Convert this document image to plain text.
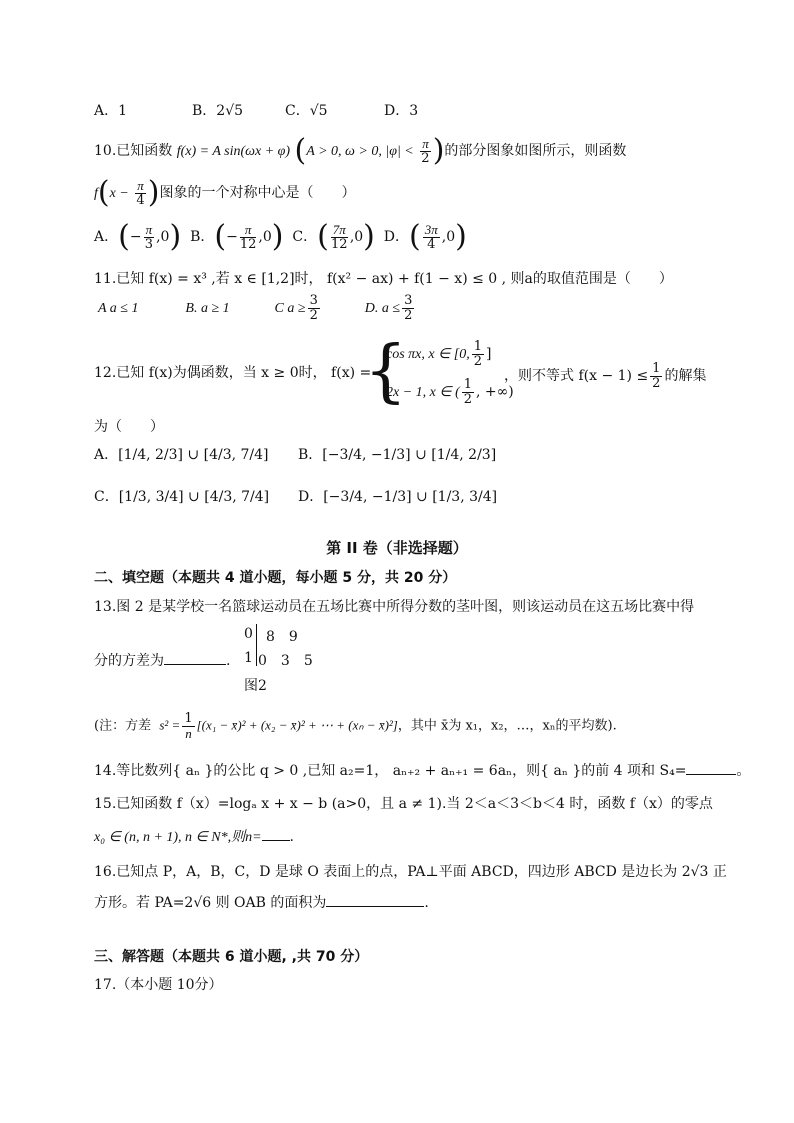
A．1	B．2√5	C．√5	D．3
10.已知函数 f(x) = A sin(ωx + φ) (A > 0, ω > 0, $|\varphi| < \frac{\pi}{2}$ )的部分图象如图所示，则函数
$f(x - \frac{\pi}{4}$ )图象的一个对称中心是（　　）
A．(− $\frac{\pi}{3} ,0$) B．(− $\frac{\pi}{12} ,0$) C．( $\frac{7\pi}{12} ,0$) D．( $\frac{3\pi}{4} ,0$)
11.已知 f(x) = x³ ,若 x ∈ [1,2]时， f(x² − ax) + f(1 − x) ≤ 0 , 则a的取值范围是（　　）
A a ≤ 1	B. a ≥ 1	C $a \ge \frac{3}{2}$	D. $a \le \frac{3}{2}$
12.已知 f(x)为偶函数，当 x ≥ 0时， f(x) =
{
cos πx, x ∈ [0, $\frac{1}{2}$ ]
2x − 1, x ∈ ( $\frac{1}{2}$ , +∞)
，则不等式 $f(x - 1) \le \frac{1}{2}$ 的解集
为（　　）
A．[1/4, 2/3] ∪ [4/3, 7/4] B．[−3/4, −1/3] ∪ [1/4, 2/3]
C．[1/3, 3/4] ∪ [4/3, 7/4] D．[−3/4, −1/3] ∪ [1/3, 3/4]
第 II 卷（非选择题）
二、填空题（本题共 4 道小题，每小题 5 分，共 20 分）
13.图 2 是某学校一名篮球运动员在五场比赛中所得分数的茎叶图，则该运动员在这五场比赛中得
分的方差为	.
0 8　9
1 0　3　5
图2
(注：方差 $s^2 = \frac{1}{n} [(x_1$ − x̄)² + (x₂ − x̄)² + ⋯ + (xₙ − x̄)²]，其中 x̄为 x₁，x₂，…，xₙ的平均数).
14.等比数列{ aₙ }的公比 q > 0 ,已知 a₂=1， aₙ₊₂ + aₙ₊₁ = 6aₙ，则{ aₙ }的前 4 项和 S₄=	。
15.已知函数 f（x）=logₐ x + x − b (a>0，且 a ≠ 1).当 2＜a＜3＜b＜4 时，函数 f（x）的零点
x₀ ∈ (n, n + 1), n ∈ N*,则n= .
16.已知点 P，A，B，C，D 是球 O 表面上的点，PA⊥平面 ABCD，四边形 ABCD 是边长为 2√3 正
方形。若 PA=2√6 则 OAB 的面积为	.
三、解答题（本题共 6 道小题, ,共 70 分）
17.（本小题 10分）
